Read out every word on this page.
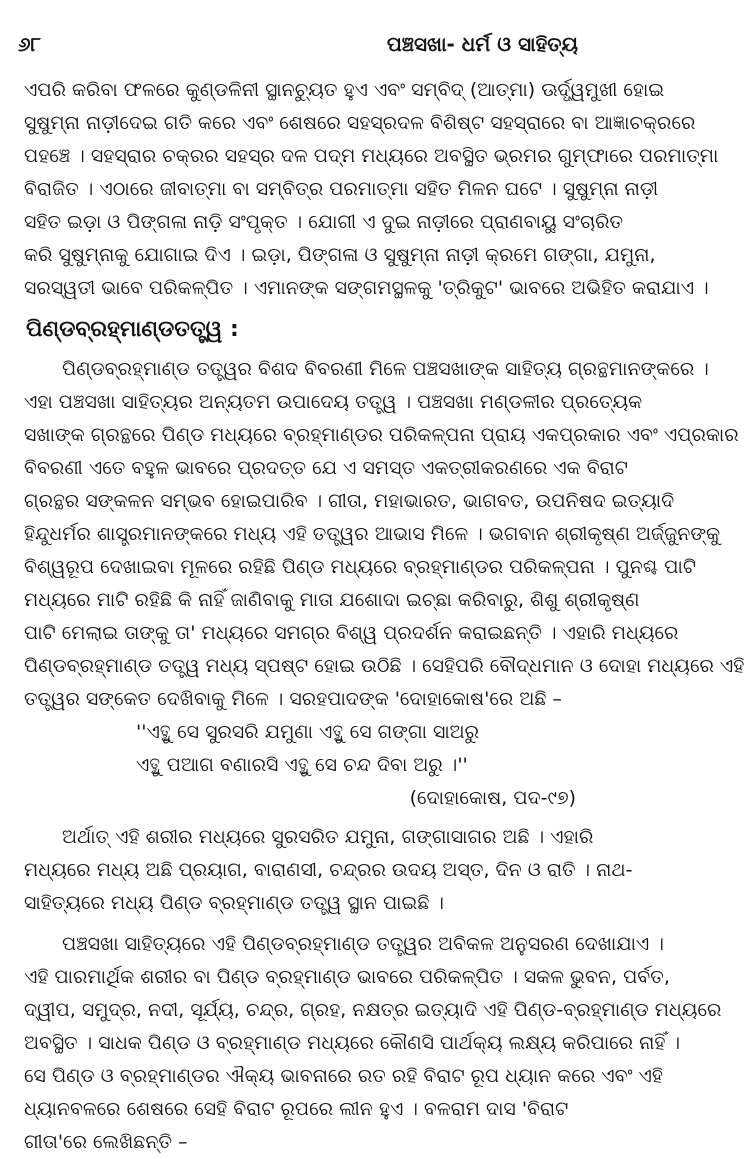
୬୮	ପଞ୍ଚସଖା- ଧର୍ମ ଓ ସାହିତ୍ୟ

ଏପରି କରିବା ଫଳରେ କୁଣ୍ଡଳିନୀ ସ୍ଥାନଚ୍ୟୁତ ହୁଏ ଏବଂ ସମ୍ବିଦ୍ (ଆତ୍ମା) ଊର୍ଦ୍ଧ୍ୱମୁଖୀ ହୋଇ

ସୁଷୁମ୍ନା ନାଡ଼ୀଦେଇ ଗତି କରେ ଏବଂ ଶେଷରେ ସହସ୍ରଦଳ ବିଶିଷ୍ଟ ସହସ୍ରାରେ ବା ଆଜ୍ଞାଚକ୍ରରେ

ପହଞ୍ଚେ । ସହସ୍ରାର ଚକ୍ରର ସହସ୍ର ଦଳ ପଦ୍ମ ମଧ୍ୟରେ ଅବସ୍ଥିତ ଭ୍ରମର ଗୁମ୍ଫାରେ ପରମାତ୍ମା

ବିରାଜିତ । ଏଠାରେ ଜୀବାତ୍ମା ବା ସମ୍ବିତ୍‌ର ପରମାତ୍ମା ସହିତ ମିଳନ ଘଟେ । ସୁଷୁମ୍ନା ନାଡ଼ୀ

ସହିତ ଇଡ଼ା ଓ ପିଙ୍ଗଳା ନାଡ଼ି ସଂପୃକ୍ତ । ଯୋଗୀ ଏ ଦୁଇ ନାଡ଼ୀରେ ପ୍ରାଣବାୟୁ ସଂଚାରିତ

କରି ସୁଷୁମ୍ନାକୁ ଯୋଗାଇ ଦିଏ । ଇଡ଼ା, ପିଙ୍ଗଳା ଓ ସୁଷୁମ୍ନା ନାଡ଼ୀ କ୍ରମେ ଗଙ୍ଗା, ଯମୁନା,

ସରସ୍ୱତୀ ଭାବେ ପରିକଳ୍ପିତ । ଏମାନଙ୍କ ସଙ୍ଗମସ୍ଥଳକୁ 'ତ୍ରିକୁଟ' ଭାବରେ ଅଭିହିତ କରାଯାଏ ।

ପିଣ୍ଡବ୍ରହ୍ମାଣ୍ଡତତ୍ତ୍ୱ :

ପିଣ୍ଡବ୍ରହ୍ମାଣ୍ଡ ତତ୍ତ୍ୱର ବିଶଦ ବିବରଣୀ ମିଳେ ପଞ୍ଚସଖାଙ୍କ ସାହିତ୍ୟ ଗ୍ରନ୍ଥମାନଙ୍କରେ ।

ଏହା ପଞ୍ଚସଖା ସାହିତ୍ୟର ଅନ୍ୟତମ ଉପାଦେୟ ତତ୍ତ୍ୱ । ପଞ୍ଚସଖା ମଣ୍ଡଳୀର ପ୍ରତ୍ୟେକ

ସଖାଙ୍କ ଗ୍ରନ୍ଥରେ ପିଣ୍ଡ ମଧ୍ୟରେ ବ୍ରହ୍ମାଣ୍ଡର ପରିକଳ୍ପନା ପ୍ରାୟ ଏକପ୍ରକାର ଏବଂ ଏପ୍ରକାର

ବିବରଣୀ ଏତେ ବହୁଳ ଭାବରେ ପ୍ରଦତ୍ତ ଯେ ଏ ସମସ୍ତ ଏକତ୍ରୀକରଣରେ ଏକ ବିରାଟ

ଗ୍ରନ୍ଥର ସଙ୍କଳନ ସମ୍ଭବ ହୋଇପାରିବ । ଗୀତା, ମହାଭାରତ, ଭାଗବତ, ଉପନିଷଦ ଇତ୍ୟାଦି

ହିନ୍ଦୁଧର୍ମର ଶାସ୍ତ୍ରମାନଙ୍କରେ ମଧ୍ୟ ଏହି ତତ୍ତ୍ୱର ଆଭାସ ମିଳେ । ଭଗବାନ ଶ୍ରୀକୃଷ୍ଣ ଅର୍ଜ୍ଜୁନଙ୍କୁ

ବିଶ୍ୱରୂପ ଦେଖାଇବା ମୂଳରେ ରହିଛି ପିଣ୍ଡ ମଧ୍ୟରେ ବ୍ରହ୍ମାଣ୍ଡର ପରିକଳ୍ପନା । ପୁନଶ୍ଚ ପାଟି

ମଧ୍ୟରେ ମାଟି ରହିଛି କି ନାହିଁ ଜାଣିବାକୁ ମାତା ଯଶୋଦା ଇଚ୍ଛା କରିବାରୁ, ଶିଶୁ ଶ୍ରୀକୃଷ୍ଣ

ପାଟି ମେଲାଇ ତାଙ୍କୁ ତା' ମଧ୍ୟରେ ସମଗ୍ର ବିଶ୍ୱ ପ୍ରଦର୍ଶନ କରାଇଛନ୍ତି । ଏହାରି ମଧ୍ୟରେ

ପିଣ୍ଡବ୍ରହ୍ମାଣ୍ଡ ତତ୍ତ୍ୱ ମଧ୍ୟ ସ୍ପଷ୍ଟ ହୋଇ ଉଠିଛି । ସେହିପରି ବୌଦ୍ଧମାନ ଓ ଦୋହା ମଧ୍ୟରେ ଏହି

ତତ୍ତ୍ୱର ସଙ୍କେତ ଦେଖିବାକୁ ମିଳେ । ସରହପାଦଙ୍କ 'ଦୋହାକୋଷ'ରେ ଅଛି –

''ଏତ୍ଥୁ ସେ ସୁରସରି ଯମୁଣା ଏତ୍ଥୁ ସେ ଗଙ୍ଗା ସାଅରୁ

ଏତ୍ଥୁ ପଆଗ ବଣାରସି ଏତ୍ଥୁ ସେ ଚନ୍ଦ ଦିବା ଅରୁ ।''

(ଦୋହାକୋଷ, ପଦ-୯୭)

ଅର୍ଥାତ୍ ଏହି ଶରୀର ମଧ୍ୟରେ ସୁରସରିତ ଯମୁନା, ଗଙ୍ଗାସାଗର ଅଛି । ଏହାରି

ମଧ୍ୟରେ ମଧ୍ୟ ଅଛି ପ୍ରୟାଗ, ବାରାଣସୀ, ଚନ୍ଦ୍ରର ଉଦୟ ଅସ୍ତ, ଦିନ ଓ ରାତି । ନାଥ-

ସାହିତ୍ୟରେ ମଧ୍ୟ ପିଣ୍ଡ ବ୍ରହ୍ମାଣ୍ଡ ତତ୍ତ୍ୱ ସ୍ଥାନ ପାଇଛି ।

ପଞ୍ଚସଖା ସାହିତ୍ୟରେ ଏହି ପିଣ୍ଡବ୍ରହ୍ମାଣ୍ଡ ତତ୍ତ୍ୱର ଅବିକଳ ଅନୁସରଣ ଦେଖାଯାଏ ।

ଏହି ପାରମାର୍ଥିକ ଶରୀର ବା ପିଣ୍ଡ ବ୍ରହ୍ମାଣ୍ଡ ଭାବରେ ପରିକଳ୍ପିତ । ସକଳ ଭୁବନ, ପର୍ବତ,

ଦ୍ୱୀପ, ସମୁଦ୍ର, ନଦୀ, ସୂର୍ଯ୍ୟ, ଚନ୍ଦ୍ର, ଗ୍ରହ, ନକ୍ଷତ୍ର ଇତ୍ୟାଦି ଏହି ପିଣ୍ଡ-ବ୍ରହ୍ମାଣ୍ଡ ମଧ୍ୟରେ

ଅବସ୍ଥିତ । ସାଧକ ପିଣ୍ଡ ଓ ବ୍ରହ୍ମାଣ୍ଡ ମଧ୍ୟରେ କୌଣସି ପାର୍ଥକ୍ୟ ଲକ୍ଷ୍ୟ କରିପାରେ ନାହିଁ ।

ସେ ପିଣ୍ଡ ଓ ବ୍ରହ୍ମାଣ୍ଡର ଐକ୍ୟ ଭାବନାରେ ରତ ରହି ବିରାଟ ରୂପ ଧ୍ୟାନ କରେ ଏବଂ ଏହି

ଧ୍ୟାନବଳରେ ଶେଷରେ ସେହି ବିରାଟ ରୂପରେ ଲୀନ ହୁଏ । ବଳରାମ ଦାସ 'ବିରାଟ

ଗୀତା'ରେ ଲେଖିଛନ୍ତି –
